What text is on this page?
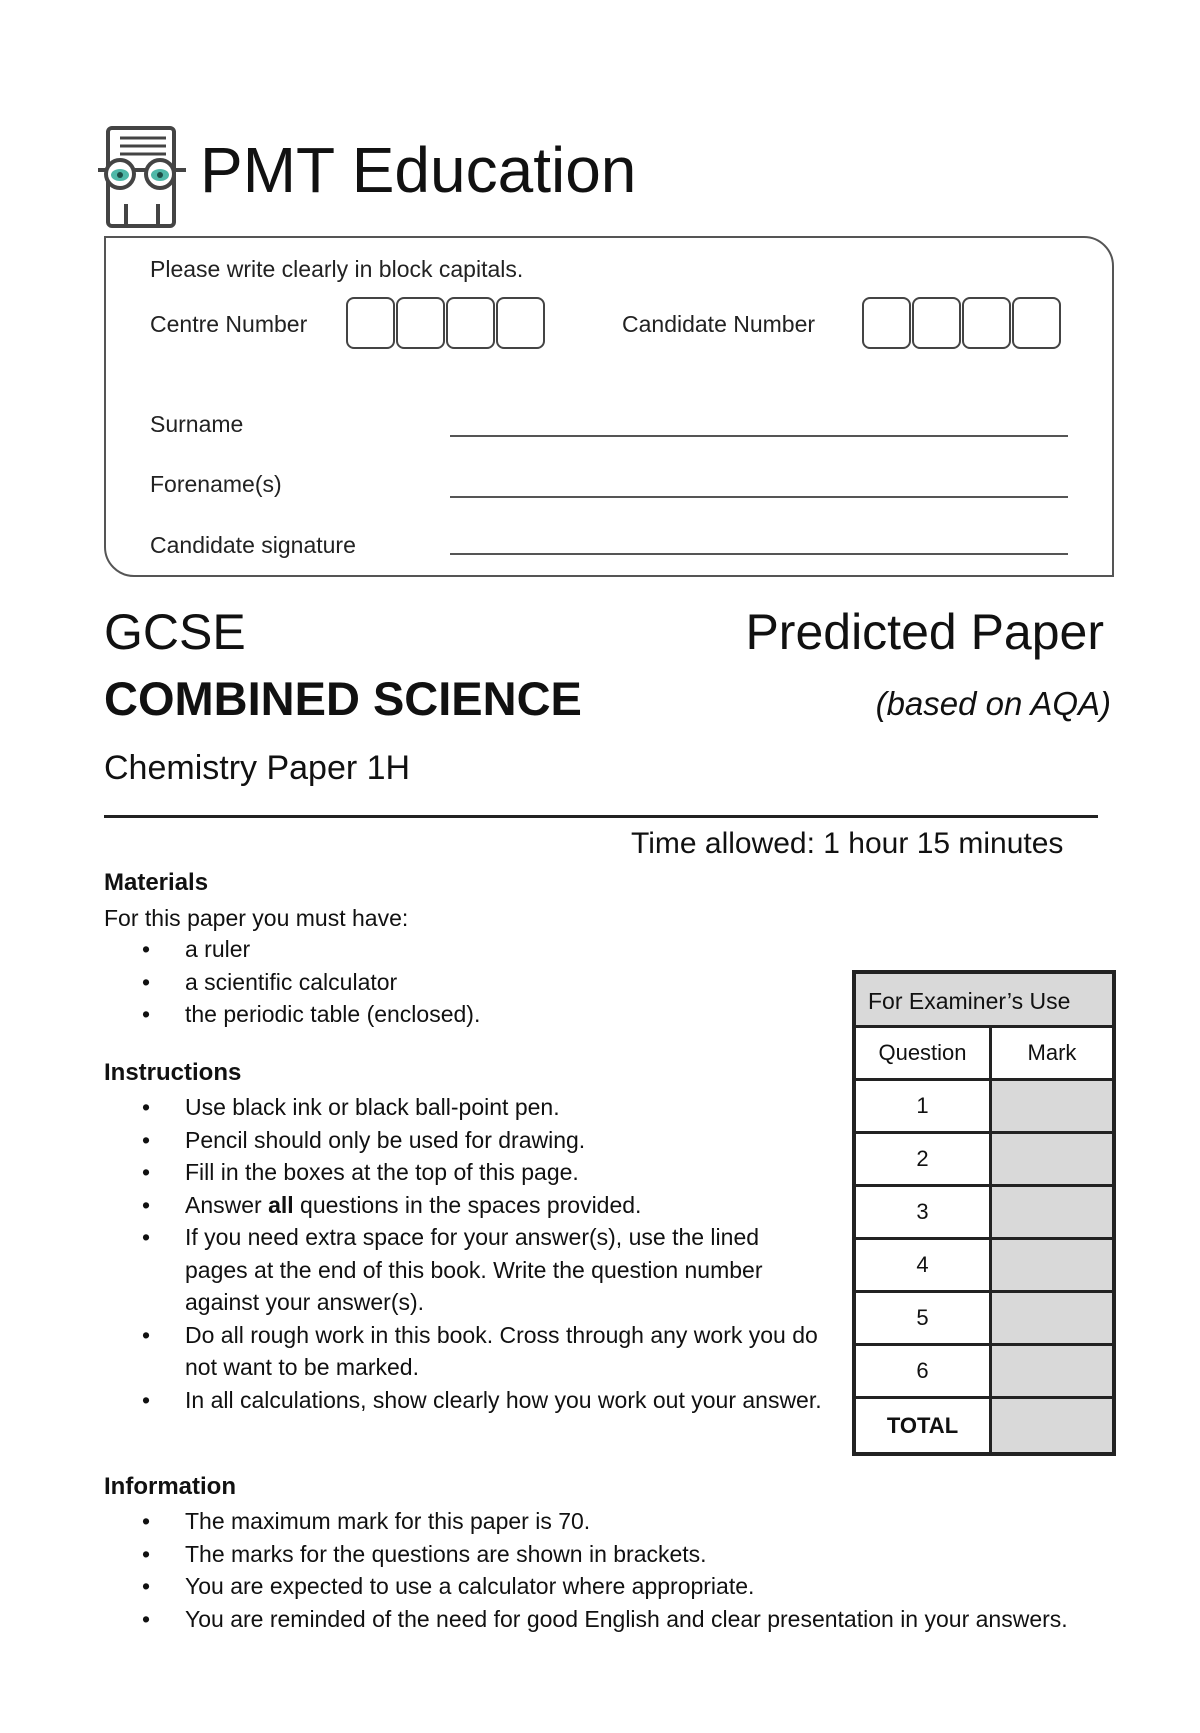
PMT Education
Please write clearly in block capitals.
Centre Number	Candidate Number
Surname
Forename(s)
Candidate signature
GCSE	Predicted Paper
COMBINED SCIENCE	(based on AQA)
Chemistry Paper 1H
Time allowed: 1 hour 15 minutes
Materials
For this paper you must have:
• a ruler
• a scientific calculator
• the periodic table (enclosed).
Instructions
• Use black ink or black ball-point pen.
• Pencil should only be used for drawing.
• Fill in the boxes at the top of this page.
• Answer all questions in the spaces provided.
• If you need extra space for your answer(s), use the lined pages at the end of this book. Write the question number against your answer(s).
• Do all rough work in this book. Cross through any work you do not want to be marked.
• In all calculations, show clearly how you work out your answer.
Information
• The maximum mark for this paper is 70.
• The marks for the questions are shown in brackets.
• You are expected to use a calculator where appropriate.
• You are reminded of the need for good English and clear presentation in your answers.
For Examiner’s Use
Question	Mark
1
2
3
4
5
6
TOTAL
